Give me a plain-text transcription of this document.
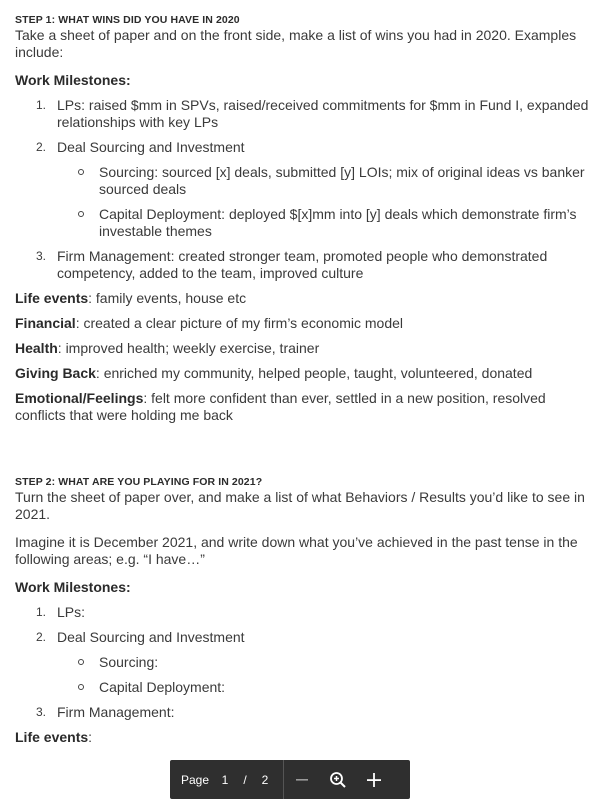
STEP 1: WHAT WINS DID YOU HAVE IN 2020

Take a sheet of paper and on the front side, make a list of wins you had in 2020. Examples include:

Work Milestones:

1. LPs: raised $mm in SPVs, raised/received commitments for $mm in Fund I, expanded relationships with key LPs
2. Deal Sourcing and Investment
Sourcing: sourced [x] deals, submitted [y] LOIs; mix of original ideas vs banker sourced deals
Capital Deployment: deployed $[x]mm into [y] deals which demonstrate firm’s investable themes
3. Firm Management: created stronger team, promoted people who demonstrated competency, added to the team, improved culture

Life events: family events, house etc

Financial: created a clear picture of my firm’s economic model

Health: improved health; weekly exercise, trainer

Giving Back: enriched my community, helped people, taught, volunteered, donated

Emotional/Feelings: felt more confident than ever, settled in a new position, resolved conflicts that were holding me back

STEP 2: WHAT ARE YOU PLAYING FOR IN 2021?

Turn the sheet of paper over, and make a list of what Behaviors / Results you’d like to see in 2021.

Imagine it is December 2021, and write down what you’ve achieved in the past tense in the following areas; e.g. “I have…”

Work Milestones:

1. LPs:
2. Deal Sourcing and Investment
Sourcing:
Capital Deployment:
3. Firm Management:

Life events:

Page	1	/	2
